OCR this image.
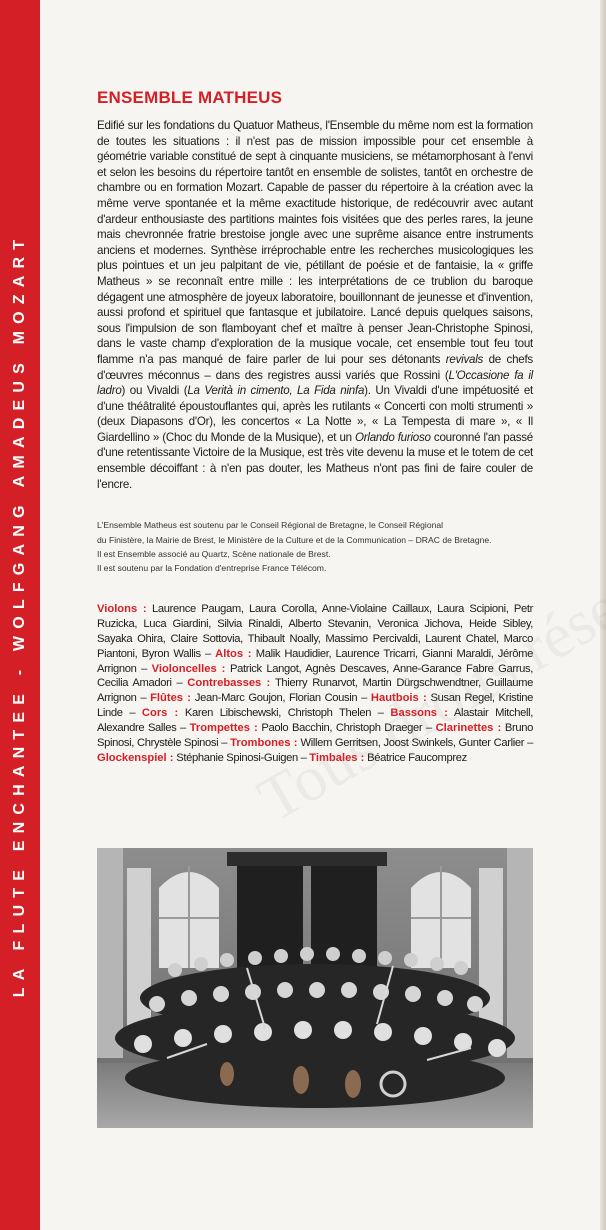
LA FLUTE ENCHANTEE - WOLFGANG AMADEUS MOZART
ENSEMBLE MATHEUS

Edifié sur les fondations du Quatuor Matheus, l'Ensemble du même nom est la formation de toutes les situations : il n'est pas de mission impossible pour cet ensemble à géométrie variable constitué de sept à cinquante musiciens, se métamorphosant à l'envi et selon les besoins du répertoire tantôt en ensemble de solistes, tantôt en orchestre de chambre ou en formation Mozart. Capable de passer du répertoire à la création avec la même verve spontanée et la même exactitude historique, de redécouvrir avec autant d'ardeur enthousiaste des partitions maintes fois visitées que des perles rares, la jeune mais chevronnée fratrie brestoise jongle avec une suprême aisance entre instruments anciens et modernes. Synthèse irréprochable entre les recherches musicologiques les plus pointues et un jeu palpitant de vie, pétillant de poésie et de fantaisie, la « griffe Matheus » se reconnaît entre mille : les interprétations de ce trublion du baroque dégagent une atmosphère de joyeux laboratoire, bouillonnant de jeunesse et d'invention, aussi profond et spirituel que fantasque et jubilatoire. Lancé depuis quelques saisons, sous l'impulsion de son flamboyant chef et maître à penser Jean-Christophe Spinosi, dans le vaste champ d'exploration de la musique vocale, cet ensemble tout feu tout flamme n'a pas manqué de faire parler de lui pour ses détonants revivals de chefs d'œuvres méconnus – dans des registres aussi variés que Rossini (L'Occasione fa il ladro) ou Vivaldi (La Verità in cimento, La Fida ninfa). Un Vivaldi d'une impétuosité et d'une théâtralité époustouflantes qui, après les rutilants « Concerti con molti strumenti » (deux Diapasons d'Or), les concertos « La Notte », « La Tempesta di mare », « Il Giardellino » (Choc du Monde de la Musique), et un Orlando furioso couronné l'an passé d'une retentissante Victoire de la Musique, est très vite devenu la muse et le totem de cet ensemble décoiffant : à n'en pas douter, les Matheus n'ont pas fini de faire couler de l'encre.

L'Ensemble Matheus est soutenu par le Conseil Régional de Bretagne, le Conseil Régional
du Finistère, la Mairie de Brest, le Ministère de la Culture et de la Communication – DRAC de Bretagne.
Il est Ensemble associé au Quartz, Scène nationale de Brest.
Il est soutenu par la Fondation d'entreprise France Télécom.

Violons : Laurence Paugam, Laura Corolla, Anne-Violaine Caillaux, Laura Scipioni, Petr Ruzicka, Luca Giardini, Silvia Rinaldi, Alberto Stevanin, Veronica Jichova, Heide Sibley, Sayaka Ohira, Claire Sottovia, Thibault Noally, Massimo Percivaldi, Laurent Chatel, Marco Piantoni, Byron Wallis – Altos : Malik Haudidier, Laurence Tricarri, Gianni Maraldi, Jérôme Arrignon – Violoncelles : Patrick Langot, Agnès Descaves, Anne-Garance Fabre Garrus, Cecilia Amadori – Contrebasses : Thierry Runarvot, Martin Dürgschwendtner, Guillaume Arrignon – Flûtes : Jean-Marc Goujon, Florian Cousin – Hautbois : Susan Regel, Kristine Linde – Cors : Karen Libischewski, Christoph Thelen – Bassons : Alastair Mitchell, Alexandre Salles – Trompettes : Paolo Bacchin, Christoph Draeger – Clarinettes : Bruno Spinosi, Chrystèle Spinosi – Trombones : Willem Gerritsen, Joost Swinkels, Gunter Carlier – Glockenspiel : Stéphanie Spinosi-Guigen – Timbales : Béatrice Faucomprez
